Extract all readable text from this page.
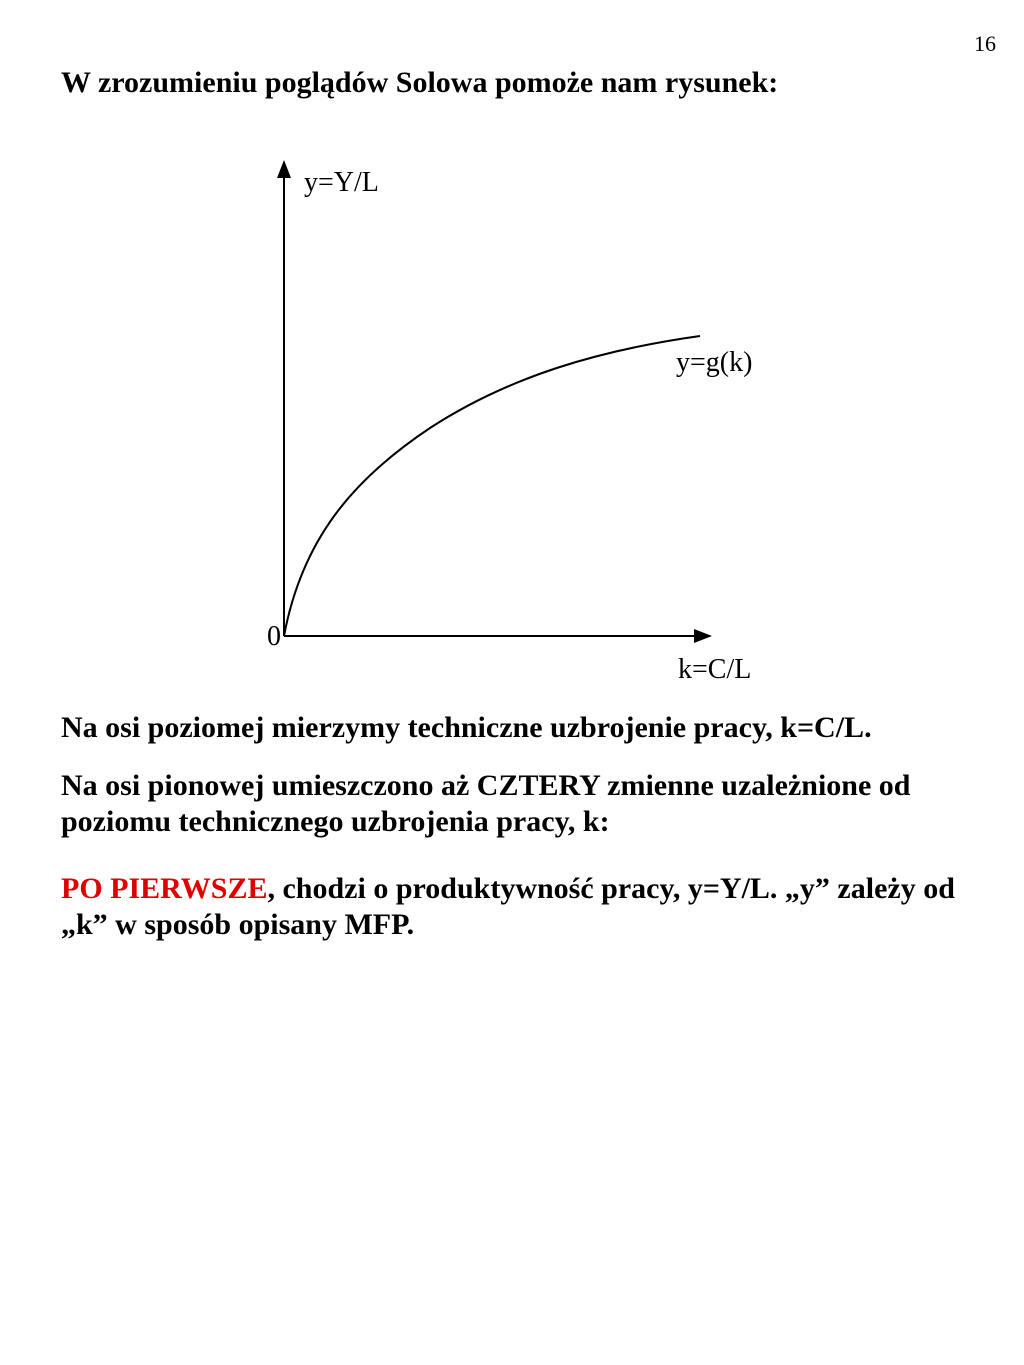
16
W zrozumieniu poglądów Solowa pomoże nam rysunek:
y=Y/L
y=g(k)
0
k=C/L

Na osi poziomej mierzymy techniczne uzbrojenie pracy, k=C/L.

Na osi pionowej umieszczono aż CZTERY zmienne uzależnione od poziomu technicznego uzbrojenia pracy, k:

PO PIERWSZE, chodzi o produktywność pracy, y=Y/L. „y” zależy od „k” w sposób opisany MFP.
